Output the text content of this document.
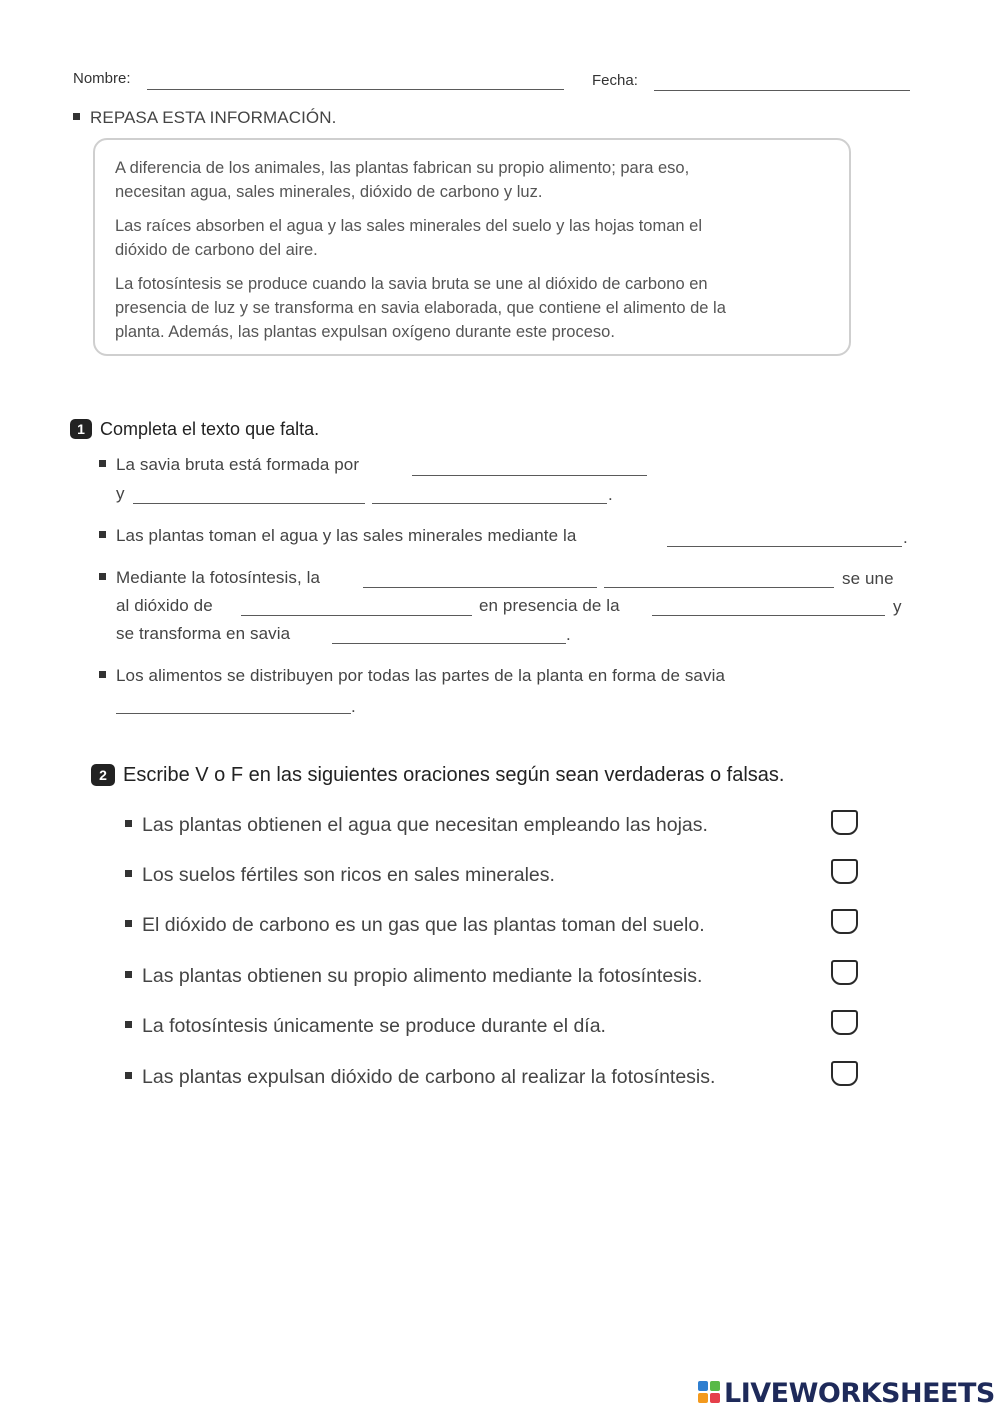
Nombre:	Fecha:
REPASA ESTA INFORMACIÓN.

A diferencia de los animales, las plantas fabrican su propio alimento; para eso,
necesitan agua, sales minerales, dióxido de carbono y luz.

Las raíces absorben el agua y las sales minerales del suelo y las hojas toman el
dióxido de carbono del aire.

La fotosíntesis se produce cuando la savia bruta se une al dióxido de carbono en
presencia de luz y se transforma en savia elaborada, que contiene el alimento de la
planta. Además, las plantas expulsan oxígeno durante este proceso.

1 Completa el texto que falta.
La savia bruta está formada por
y	.
Las plantas toman el agua y las sales minerales mediante la	.
Mediante la fotosíntesis, la	se une
al dióxido de	en presencia de la	y
se transforma en savia	.
Los alimentos se distribuyen por todas las partes de la planta en forma de savia
.
2 Escribe V o F en las siguientes oraciones según sean verdaderas o falsas.
Las plantas obtienen el agua que necesitan empleando las hojas.
Los suelos fértiles son ricos en sales minerales.
El dióxido de carbono es un gas que las plantas toman del suelo.
Las plantas obtienen su propio alimento mediante la fotosíntesis.
La fotosíntesis únicamente se produce durante el día.
Las plantas expulsan dióxido de carbono al realizar la fotosíntesis.
LIVEWORKSHEETS
